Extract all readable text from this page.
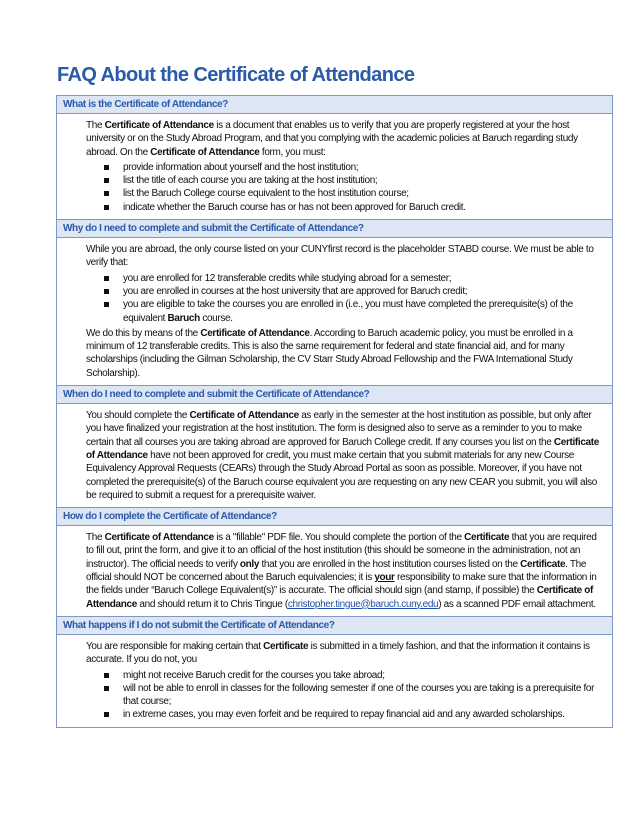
FAQ About the Certificate of Attendance
What is the Certificate of Attendance?

The Certificate of Attendance is a document that enables us to verify that you are properly registered at your the host university or on the Study Abroad Program, and that you complying with the academic policies at Baruch regarding study abroad. On the Certificate of Attendance form, you must:

provide information about yourself and the host institution;
list the title of each course you are taking at the host institution;
list the Baruch College course equivalent to the host institution course;
indicate whether the Baruch course has or has not been approved for Baruch credit.
Why do I need to complete and submit the Certificate of Attendance?

While you are abroad, the only course listed on your CUNYfirst record is the placeholder STABD course. We must be able to verify that:

you are enrolled for 12 transferable credits while studying abroad for a semester;
you are enrolled in courses at the host university that are approved for Baruch credit;
you are eligible to take the courses you are enrolled in (i.e., you must have completed the prerequisite(s) of the equivalent Baruch course.

We do this by means of the Certificate of Attendance. According to Baruch academic policy, you must be enrolled in a minimum of 12 transferable credits. This is also the same requirement for federal and state financial aid, and for many scholarships (including the Gilman Scholarship, the CV Starr Study Abroad Fellowship and the FWA International Study Scholarship).

When do I need to complete and submit the Certificate of Attendance?

You should complete the Certificate of Attendance as early in the semester at the host institution as possible, but only after you have finalized your registration at the host institution. The form is designed also to serve as a reminder to you to make certain that all courses you are taking abroad are approved for Baruch College credit. If any courses you list on the Certificate of Attendance have not been approved for credit, you must make certain that you submit materials for any new Course Equivalency Approval Requests (CEARs) through the Study Abroad Portal as soon as possible. Moreover, if you have not completed the prerequisite(s) of the Baruch course equivalent you are requesting on any new CEAR you submit, you will also be required to submit a request for a prerequisite waiver.

How do I complete the Certificate of Attendance?

The Certificate of Attendance is a "fillable" PDF file. You should complete the portion of the Certificate that you are required to fill out, print the form, and give it to an official of the host institution (this should be someone in the administration, not an instructor). The official needs to verify only that you are enrolled in the host institution courses listed on the Certificate. The official should NOT be concerned about the Baruch equivalencies; it is your responsibility to make sure that the information in the fields under “Baruch College Equivalent(s)” is accurate. The official should sign (and stamp, if possible) the Certificate of Attendance and should return it to Chris Tingue (christopher.tingue@baruch.cuny.edu) as a scanned PDF email attachment.

What happens if I do not submit the Certificate of Attendance?

You are responsible for making certain that Certificate is submitted in a timely fashion, and that the information it contains is accurate. If you do not, you

might not receive Baruch credit for the courses you take abroad;
will not be able to enroll in classes for the following semester if one of the courses you are taking is a prerequisite for that course;
in extreme cases, you may even forfeit and be required to repay financial aid and any awarded scholarships.
